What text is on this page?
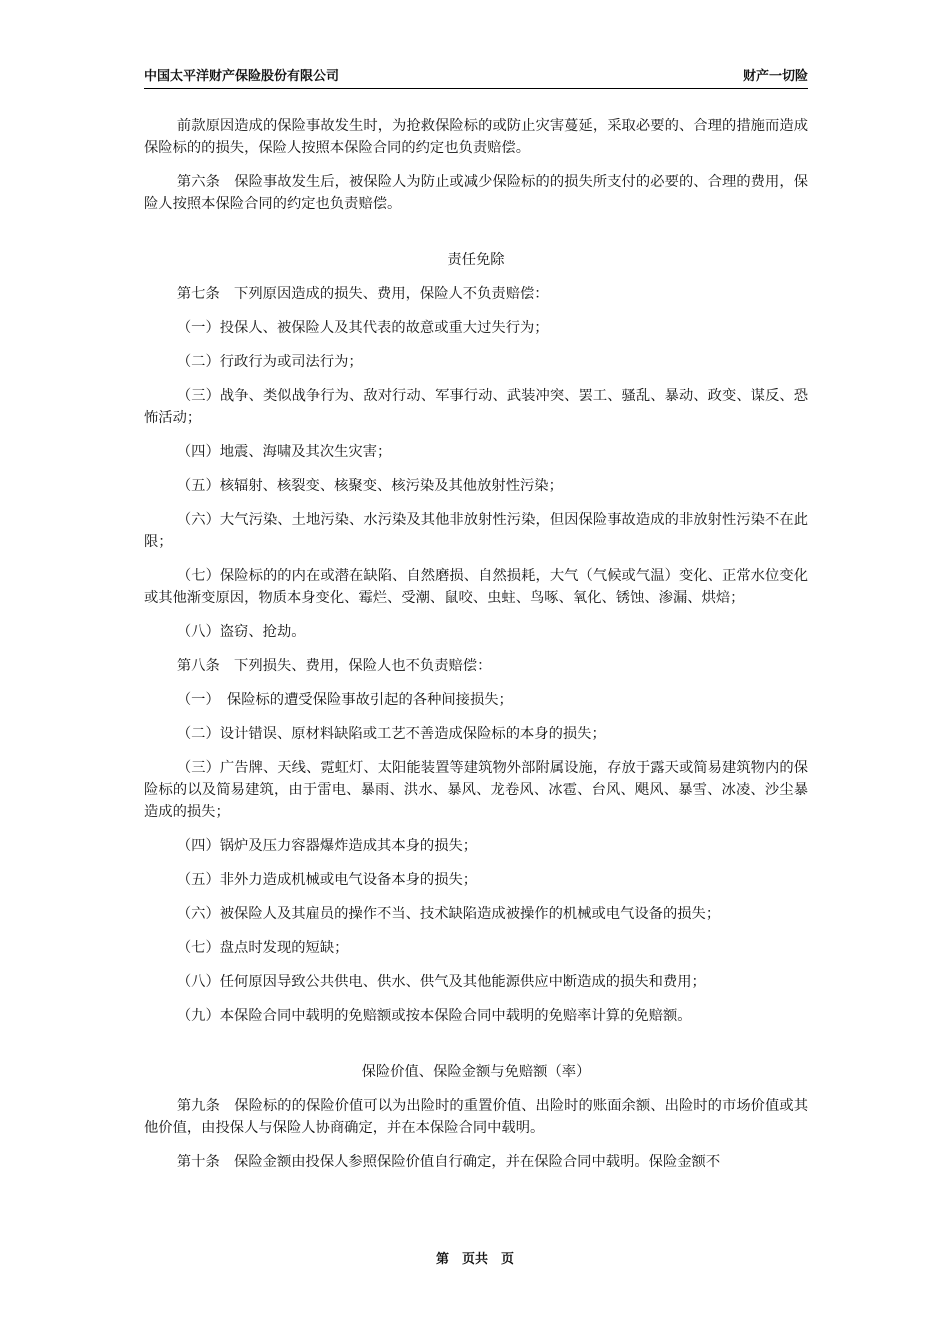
中国太平洋财产保险股份有限公司	财产一切险

前款原因造成的保险事故发生时，为抢救保险标的或防止灾害蔓延，采取必要的、合理的措施而造成保险标的的损失，保险人按照本保险合同的约定也负责赔偿。

第六条　保险事故发生后，被保险人为防止或减少保险标的的损失所支付的必要的、合理的费用，保险人按照本保险合同的约定也负责赔偿。

责任免除

第七条　下列原因造成的损失、费用，保险人不负责赔偿：

（一）投保人、被保险人及其代表的故意或重大过失行为；

（二）行政行为或司法行为；

（三）战争、类似战争行为、敌对行动、军事行动、武装冲突、罢工、骚乱、暴动、政变、谋反、恐怖活动；

（四）地震、海啸及其次生灾害；

（五）核辐射、核裂变、核聚变、核污染及其他放射性污染；

（六）大气污染、土地污染、水污染及其他非放射性污染，但因保险事故造成的非放射性污染不在此限；

（七）保险标的的内在或潜在缺陷、自然磨损、自然损耗，大气（气候或气温）变化、正常水位变化或其他渐变原因，物质本身变化、霉烂、受潮、鼠咬、虫蛀、鸟啄、氧化、锈蚀、渗漏、烘焙；

（八）盗窃、抢劫。

第八条　下列损失、费用，保险人也不负责赔偿：

（一）　保险标的遭受保险事故引起的各种间接损失；

（二）设计错误、原材料缺陷或工艺不善造成保险标的本身的损失；

（三）广告牌、天线、霓虹灯、太阳能装置等建筑物外部附属设施，存放于露天或简易建筑物内的保险标的以及简易建筑，由于雷电、暴雨、洪水、暴风、龙卷风、冰雹、台风、飓风、暴雪、冰凌、沙尘暴造成的损失；

（四）锅炉及压力容器爆炸造成其本身的损失；

（五）非外力造成机械或电气设备本身的损失；

（六）被保险人及其雇员的操作不当、技术缺陷造成被操作的机械或电气设备的损失；

（七）盘点时发现的短缺；

（八）任何原因导致公共供电、供水、供气及其他能源供应中断造成的损失和费用；

（九）本保险合同中载明的免赔额或按本保险合同中载明的免赔率计算的免赔额。

保险价值、保险金额与免赔额（率）

第九条　保险标的的保险价值可以为出险时的重置价值、出险时的账面余额、出险时的市场价值或其他价值，由投保人与保险人协商确定，并在本保险合同中载明。

第十条　保险金额由投保人参照保险价值自行确定，并在保险合同中载明。保险金额不

第　页共　页
